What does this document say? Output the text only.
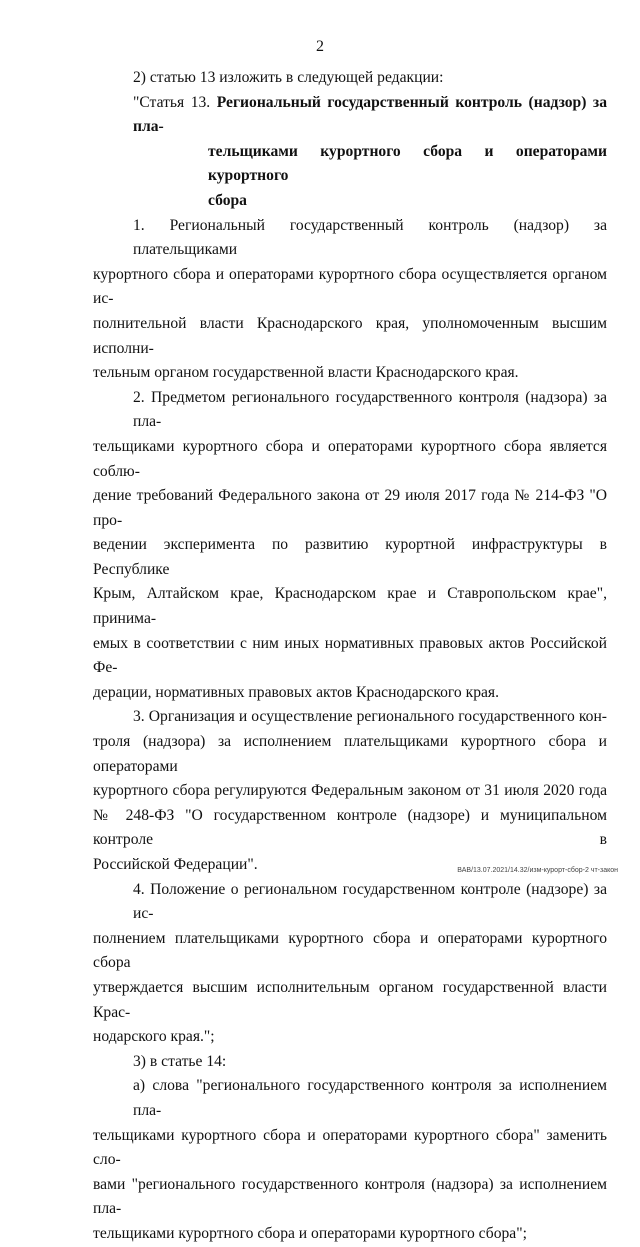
2
2) статью 13 изложить в следующей редакции:
"Статья 13. Региональный государственный контроль (надзор) за пла-
тельщиками курортного сбора и операторами курортного
сбора
1. Региональный государственный контроль (надзор) за плательщиками
курортного сбора и операторами курортного сбора осуществляется органом ис-
полнительной власти Краснодарского края, уполномоченным высшим исполни-
тельным органом государственной власти Краснодарского края.
2. Предметом регионального государственного контроля (надзора) за пла-
тельщиками курортного сбора и операторами курортного сбора является соблю-
дение требований Федерального закона от 29 июля 2017 года № 214-ФЗ "О про-
ведении эксперимента по развитию курортной инфраструктуры в Республике
Крым, Алтайском крае, Краснодарском крае и Ставропольском крае", принима-
емых в соответствии с ним иных нормативных правовых актов Российской Фе-
дерации, нормативных правовых актов Краснодарского края.
3. Организация и осуществление регионального государственного кон-
троля (надзора) за исполнением плательщиками курортного сбора и операторами
курортного сбора регулируются Федеральным законом от 31 июля 2020 года
№ 248-ФЗ "О государственном контроле (надзоре) и муниципальном контроле в
Российской Федерации".
4. Положение о региональном государственном контроле (надзоре) за ис-
полнением плательщиками курортного сбора и операторами курортного сбора
утверждается высшим исполнительным органом государственной власти Крас-
нодарского края.";
3) в статье 14:
а) слова "регионального государственного контроля за исполнением пла-
тельщиками курортного сбора и операторами курортного сбора" заменить сло-
вами "регионального государственного контроля (надзора) за исполнением пла-
тельщиками курортного сбора и операторами курортного сбора";
ВАВ/13.07.2021/14.32/изм-курорт-сбор-2 чт-закон
